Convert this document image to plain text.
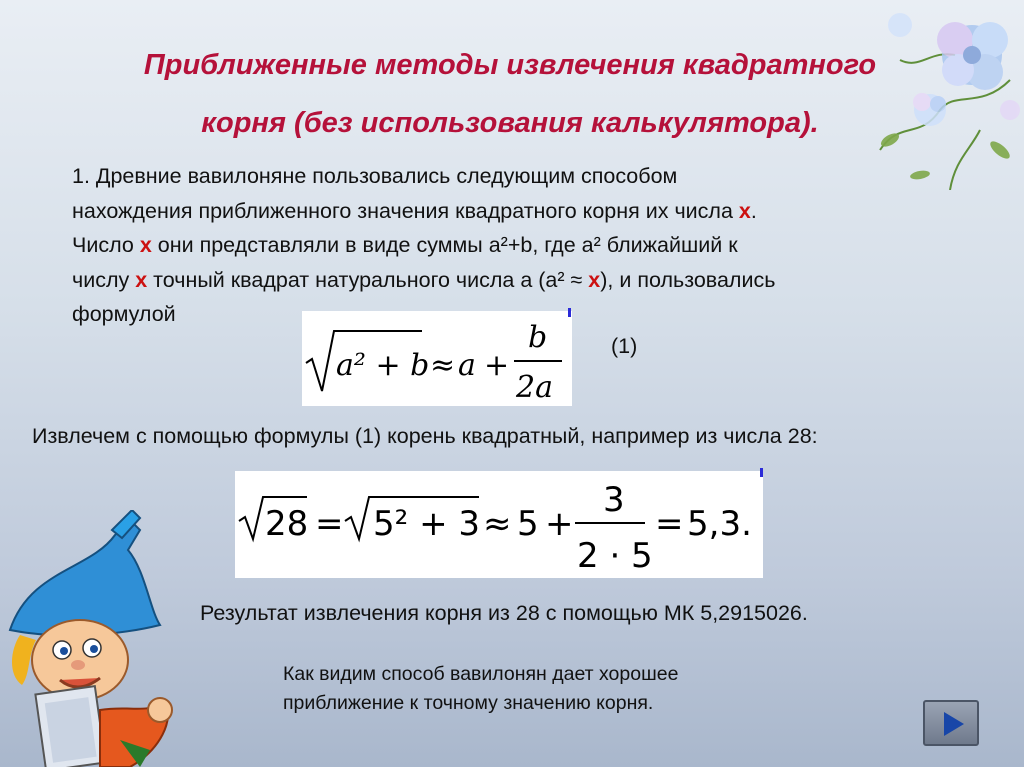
Приближенные методы извлечения квадратного
корня (без использования калькулятора).
1. Древние вавилоняне пользовались следующим способом
нахождения приближенного значения квадратного корня их числа х.
Число х они представляли в виде суммы а²+b, где а² ближайший к
числу х точный квадрат натурального числа а (а² ≈ х), и пользовались
формулой
a² + b ≈ a +
b
2a
(1)
Извлечем с помощью формулы (1) корень квадратный, например из числа 28:
28 = 5² + 3 ≈ 5 +
3
2 · 5
= 5,3.
Результат извлечения корня из 28 с помощью МК 5,2915026.
Как видим способ вавилонян дает хорошее
приближение к точному значению корня.
